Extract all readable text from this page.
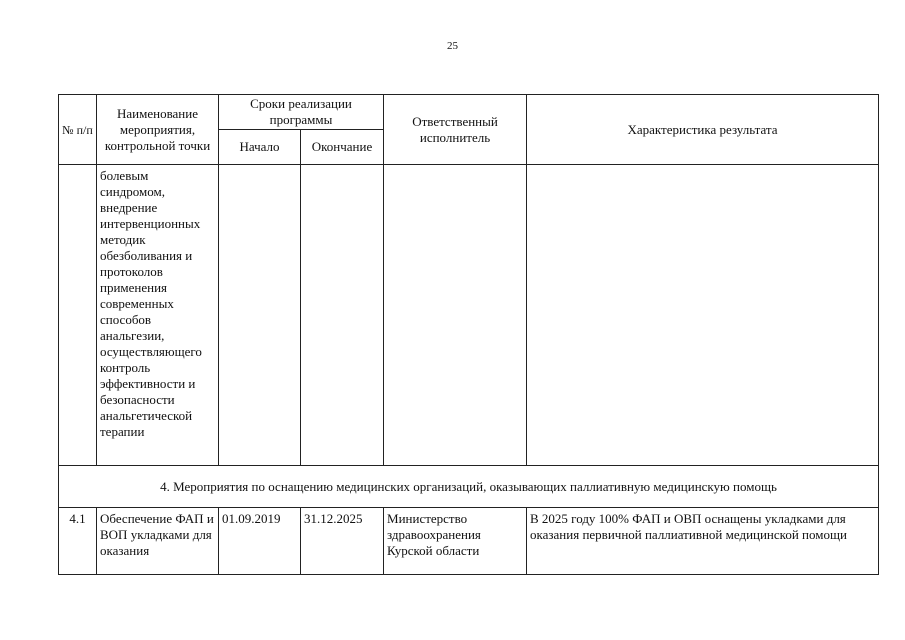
25
№ п/п	Наименование мероприятия, контрольной точки	Сроки реализации программы		Ответственный исполнитель	Характеристика результата
		Начало	Окончание		

	болевым синдромом, внедрение интервенционных методик обезболивания и протоколов применения современных способов анальгезии, осуществляющего контроль эффективности и безопасности анальгетической терапии				

4. Мероприятия по оснащению медицинских организаций, оказывающих паллиативную медицинскую помощь					

4.1	Обеспечение ФАП и ВОП укладками для оказания	01.09.2019	31.12.2025	Министерство здравоохранения Курской области	В 2025 году 100% ФАП и ОВП оснащены укладками для оказания первичной паллиативной медицинской помощи
